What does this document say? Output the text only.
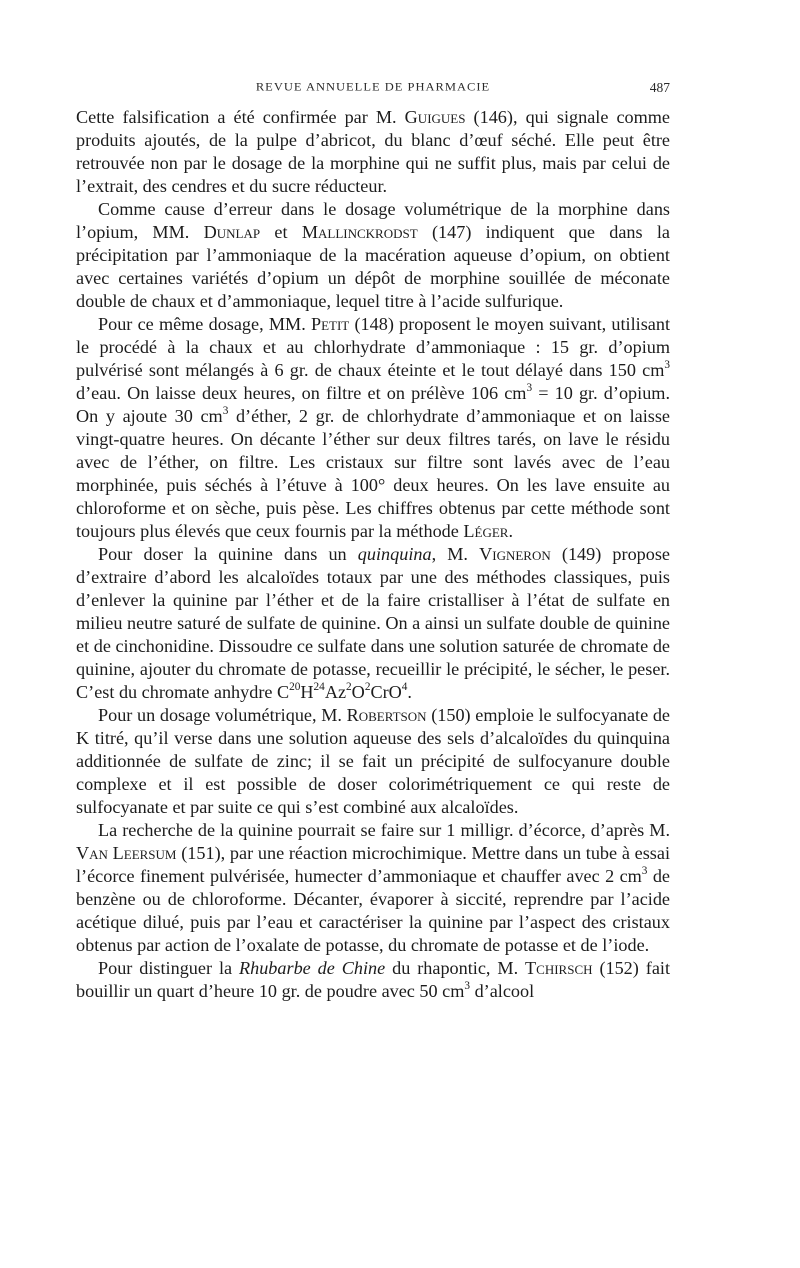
REVUE ANNUELLE DE PHARMACIE	487

Cette falsification a été confirmée par M. Guigues (146), qui signale comme produits ajoutés, de la pulpe d’abricot, du blanc d’œuf séché. Elle peut être retrouvée non par le dosage de la morphine qui ne suffit plus, mais par celui de l’extrait, des cendres et du sucre réducteur.

Comme cause d’erreur dans le dosage volumétrique de la morphine dans l’opium, MM. Dunlap et Mallinckrodst (147) indiquent que dans la précipitation par l’ammoniaque de la macération aqueuse d’opium, on obtient avec certaines variétés d’opium un dépôt de morphine souillée de méconate double de chaux et d’ammoniaque, lequel titre à l’acide sulfurique.

Pour ce même dosage, MM. Petit (148) proposent le moyen suivant, utilisant le procédé à la chaux et au chlorhydrate d’ammoniaque : 15 gr. d’opium pulvérisé sont mélangés à 6 gr. de chaux éteinte et le tout délayé dans 150 $cm^3$ d’eau. On laisse deux heures, on filtre et on prélève 106 $cm^3 = 10$ gr. d’opium. On y ajoute 30 $cm^3$ d’éther, 2 gr. de chlorhydrate d’ammoniaque et on laisse vingt-quatre heures. On décante l’éther sur deux filtres tarés, on lave le résidu avec de l’éther, on filtre. Les cristaux sur filtre sont lavés avec de l’eau morphinée, puis séchés à l’étuve à 100° deux heures. On les lave ensuite au chloroforme et on sèche, puis pèse. Les chiffres obtenus par cette méthode sont toujours plus élevés que ceux fournis par la méthode Léger.

Pour doser la quinine dans un quinquina, M. Vigneron (149) propose d’extraire d’abord les alcaloïdes totaux par une des méthodes classiques, puis d’enlever la quinine par l’éther et de la faire cristalliser à l’état de sulfate en milieu neutre saturé de sulfate de quinine. On a ainsi un sulfate double de quinine et de cinchonidine. Dissoudre ce sulfate dans une solution saturée de chromate de quinine, ajouter du chromate de potasse, recueillir le précipité, le sécher, le peser. C’est du chromate anhydre $C^{20}H^{24}Az^2O^2CrO^4$.

Pour un dosage volumétrique, M. Robertson (150) emploie le sulfocyanate de K titré, qu’il verse dans une solution aqueuse des sels d’alcaloïdes du quinquina additionnée de sulfate de zinc; il se fait un précipité de sulfocyanure double complexe et il est possible de doser colorimétriquement ce qui reste de sulfocyanate et par suite ce qui s’est combiné aux alcaloïdes.

La recherche de la quinine pourrait se faire sur 1 milligr. d’écorce, d’après M. Van Leersum (151), par une réaction microchimique. Mettre dans un tube à essai l’écorce finement pulvérisée, humecter d’ammoniaque et chauffer avec 2 $cm^3$ de benzène ou de chloroforme. Décanter, évaporer à siccité, reprendre par l’acide acétique dilué, puis par l’eau et caractériser la quinine par l’aspect des cristaux obtenus par action de l’oxalate de potasse, du chromate de potasse et de l’iode.

Pour distinguer la Rhubarbe de Chine du rhapontic, M. Tchirsch (152) fait bouillir un quart d’heure 10 gr. de poudre avec 50 $cm^3$ d’alcool
